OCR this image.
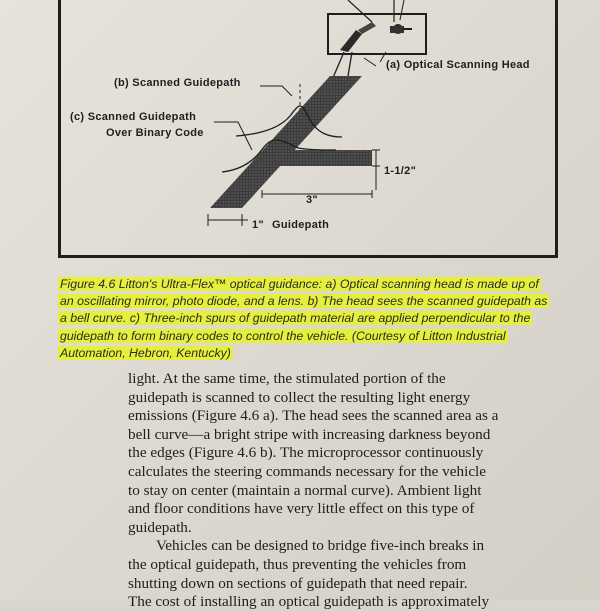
(a) Optical Scanning Head
(b) Scanned Guidepath
(c) Scanned Guidepath
Over Binary Code
1-1/2"
3"
1" Guidepath
Figure 4.6 Litton's Ultra-Flex™ optical guidance: a) Optical scanning head is made up of
an oscillating mirror, photo diode, and a lens. b) The head sees the scanned guidepath as
a bell curve. c) Three-inch spurs of guidepath material are applied perpendicular to the
guidepath to form binary codes to control the vehicle. (Courtesy of Litton Industrial
Automation, Hebron, Kentucky)
light. At the same time, the stimulated portion of the
guidepath is scanned to collect the resulting light energy
emissions (Figure 4.6 a). The head sees the scanned area as a
bell curve—a bright stripe with increasing darkness beyond
the edges (Figure 4.6 b). The microprocessor continuously
calculates the steering commands necessary for the vehicle
to stay on center (maintain a normal curve). Ambient light
and floor conditions have very little effect on this type of
guidepath.
Vehicles can be designed to bridge five-inch breaks in
the optical guidepath, thus preventing the vehicles from
shutting down on sections of guidepath that need repair.
The cost of installing an optical guidepath is approximately
